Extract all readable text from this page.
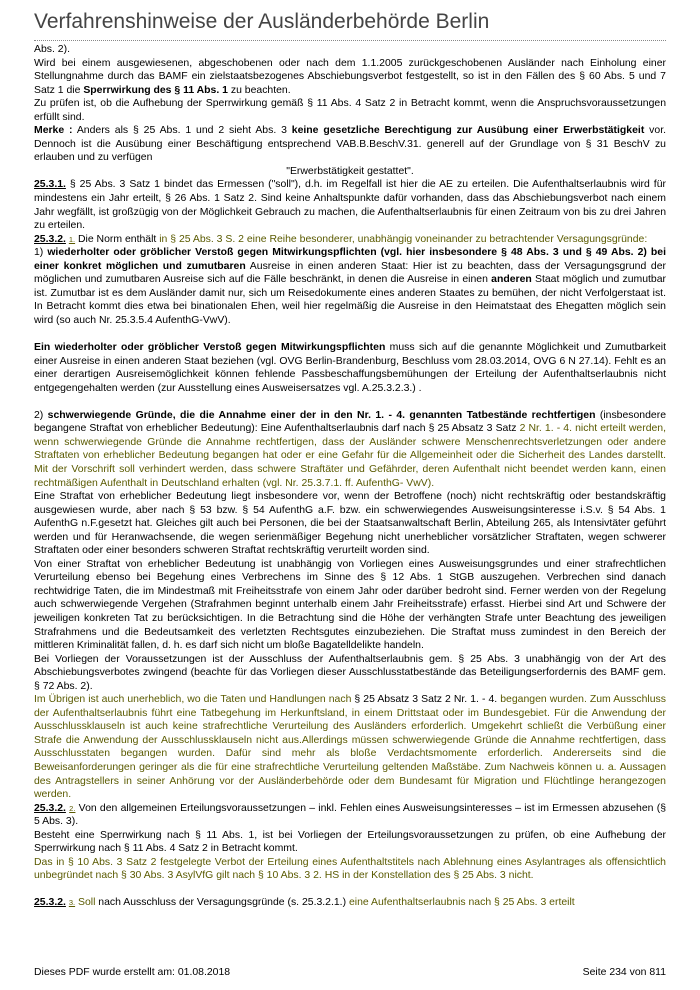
Verfahrenshinweise der Ausländerbehörde Berlin

Abs. 2).

Wird bei einem ausgewiesenen, abgeschobenen oder nach dem 1.1.2005 zurückgeschobenen Ausländer nach Einholung einer Stellungnahme durch das BAMF ein zielstaatsbezogenes Abschiebungsverbot festgestellt, so ist in den Fällen des § 60 Abs. 5 und 7 Satz 1 die Sperrwirkung des § 11 Abs. 1 zu beachten.

Zu prüfen ist, ob die Aufhebung der Sperrwirkung gemäß § 11 Abs. 4 Satz 2 in Betracht kommt, wenn die Anspruchsvoraussetzungen erfüllt sind.

Merke : Anders als § 25 Abs. 1 und 2 sieht Abs. 3 keine gesetzliche Berechtigung zur Ausübung einer Erwerbstätigkeit vor. Dennoch ist die Ausübung einer Beschäftigung entsprechend VAB.B.BeschV.31. generell auf der Grundlage von § 31 BeschV zu erlauben und zu verfügen

"Erwerbstätigkeit gestattet".

25.3.1. § 25 Abs. 3 Satz 1 bindet das Ermessen ("soll"), d.h. im Regelfall ist hier die AE zu erteilen. Die Aufenthaltserlaubnis wird für mindestens ein Jahr erteilt, § 26 Abs. 1 Satz 2. Sind keine Anhaltspunkte dafür vorhanden, dass das Abschiebungsverbot nach einem Jahr wegfällt, ist großzügig von der Möglichkeit Gebrauch zu machen, die Aufenthaltserlaubnis für einen Zeitraum von bis zu drei Jahren zu erteilen.

25.3.2. 1. Die Norm enthält in § 25 Abs. 3 S. 2 eine Reihe besonderer, unabhängig voneinander zu betrachtender Versagungsgründe:

1) wiederholter oder gröblicher Verstoß gegen Mitwirkungspflichten (vgl. hier insbesondere § 48 Abs. 3 und § 49 Abs. 2) bei einer konkret möglichen und zumutbaren Ausreise in einen anderen Staat: Hier ist zu beachten, dass der Versagungsgrund der möglichen und zumutbaren Ausreise sich auf die Fälle beschränkt, in denen die Ausreise in einen anderen Staat möglich und zumutbar ist. Zumutbar ist es dem Ausländer damit nur, sich um Reisedokumente eines anderen Staates zu bemühen, der nicht Verfolgerstaat ist. In Betracht kommt dies etwa bei binationalen Ehen, weil hier regelmäßig die Ausreise in den Heimatstaat des Ehegatten möglich sein wird (so auch Nr. 25.3.5.4 AufenthG-VwV).

Ein wiederholter oder gröblicher Verstoß gegen Mitwirkungspflichten muss sich auf die genannte Möglichkeit und Zumutbarkeit einer Ausreise in einen anderen Staat beziehen (vgl. OVG Berlin-Brandenburg, Beschluss vom 28.03.2014, OVG 6 N 27.14). Fehlt es an einer derartigen Ausreisemöglichkeit können fehlende Passbeschaffungsbemühungen der Erteilung der Aufenthaltserlaubnis nicht entgegengehalten werden (zur Ausstellung eines Ausweisersatzes vgl. A.25.3.2.3.) .

2) schwerwiegende Gründe, die die Annahme einer der in den Nr. 1. - 4. genannten Tatbestände rechtfertigen (insbesondere begangene Straftat von erheblicher Bedeutung): Eine Aufenthaltserlaubnis darf nach § 25 Absatz 3 Satz 2 Nr. 1. - 4. nicht erteilt werden, wenn schwerwiegende Gründe die Annahme rechtfertigen, dass der Ausländer schwere Menschenrechtsverletzungen oder andere Straftaten von erheblicher Bedeutung begangen hat oder er eine Gefahr für die Allgemeinheit oder die Sicherheit des Landes darstellt. Mit der Vorschrift soll verhindert werden, dass schwere Straftäter und Gefährder, deren Aufenthalt nicht beendet werden kann, einen rechtmäßigen Aufenthalt in Deutschland erhalten (vgl. Nr. 25.3.7.1. ff. AufenthG- VwV).

Eine Straftat von erheblicher Bedeutung liegt insbesondere vor, wenn der Betroffene (noch) nicht rechtskräftig oder bestandskräftig ausgewiesen wurde, aber nach § 53 bzw. § 54 AufenthG a.F. bzw. ein schwerwiegendes Ausweisungsinteresse i.S.v. § 54 Abs. 1 AufenthG n.F.gesetzt hat. Gleiches gilt auch bei Personen, die bei der Staatsanwaltschaft Berlin, Abteilung 265, als Intensivtäter geführt werden und für Heranwachsende, die wegen serienmäßiger Begehung nicht unerheblicher vorsätzlicher Straftaten, wegen schwerer Straftaten oder einer besonders schweren Straftat rechtskräftig verurteilt worden sind.

Von einer Straftat von erheblicher Bedeutung ist unabhängig von Vorliegen eines Ausweisungsgrundes und einer strafrechtlichen Verurteilung ebenso bei Begehung eines Verbrechens im Sinne des § 12 Abs. 1 StGB auszugehen. Verbrechen sind danach rechtwidrige Taten, die im Mindestmaß mit Freiheitsstrafe von einem Jahr oder darüber bedroht sind. Ferner werden von der Regelung auch schwerwiegende Vergehen (Strafrahmen beginnt unterhalb einem Jahr Freiheitsstrafe) erfasst. Hierbei sind Art und Schwere der jeweiligen konkreten Tat zu berücksichtigen. In die Betrachtung sind die Höhe der verhängten Strafe unter Beachtung des jeweiligen Strafrahmens und die Bedeutsamkeit des verletzten Rechtsgutes einzubeziehen. Die Straftat muss zumindest in den Bereich der mittleren Kriminalität fallen, d. h. es darf sich nicht um bloße Bagatelldelikte handeln.

Bei Vorliegen der Voraussetzungen ist der Ausschluss der Aufenthaltserlaubnis gem. § 25 Abs. 3 unabhängig von der Art des Abschiebungsverbotes zwingend (beachte für das Vorliegen dieser Ausschlusstatbestände das Beteiligungserfordernis des BAMF gem. § 72 Abs. 2).

Im Übrigen ist auch unerheblich, wo die Taten und Handlungen nach § 25 Absatz 3 Satz 2 Nr. 1. - 4. begangen wurden. Zum Ausschluss der Aufenthaltserlaubnis führt eine Tatbegehung im Herkunftsland, in einem Drittstaat oder im Bundesgebiet. Für die Anwendung der Ausschlussklauseln ist auch keine strafrechtliche Verurteilung des Ausländers erforderlich. Umgekehrt schließt die Verbüßung einer Strafe die Anwendung der Ausschlussklauseln nicht aus.Allerdings müssen schwerwiegende Gründe die Annahme rechtfertigen, dass Ausschlusstaten begangen wurden. Dafür sind mehr als bloße Verdachtsmomente erforderlich. Andererseits sind die Beweisanforderungen geringer als die für eine strafrechtliche Verurteilung geltenden Maßstäbe. Zum Nachweis können u. a. Aussagen des Antragstellers in seiner Anhörung vor der Ausländerbehörde oder dem Bundesamt für Migration und Flüchtlinge herangezogen werden.

25.3.2. 2. Von den allgemeinen Erteilungsvoraussetzungen – inkl. Fehlen eines Ausweisungsinteresses – ist im Ermessen abzusehen (§ 5 Abs. 3).

Besteht eine Sperrwirkung nach § 11 Abs. 1, ist bei Vorliegen der Erteilungsvoraussetzungen zu prüfen, ob eine Aufhebung der Sperrwirkung nach § 11 Abs. 4 Satz 2 in Betracht kommt.

Das in § 10 Abs. 3 Satz 2 festgelegte Verbot der Erteilung eines Aufenthaltstitels nach Ablehnung eines Asylantrages als offensichtlich unbegründet nach § 30 Abs. 3 AsylVfG gilt nach § 10 Abs. 3 2. HS in der Konstellation des § 25 Abs. 3 nicht.

25.3.2. 3. Soll nach Ausschluss der Versagungsgründe (s. 25.3.2.1.) eine Aufenthaltserlaubnis nach § 25 Abs. 3 erteilt

Dieses PDF wurde erstellt am: 01.08.2018	Seite 234 von 811
